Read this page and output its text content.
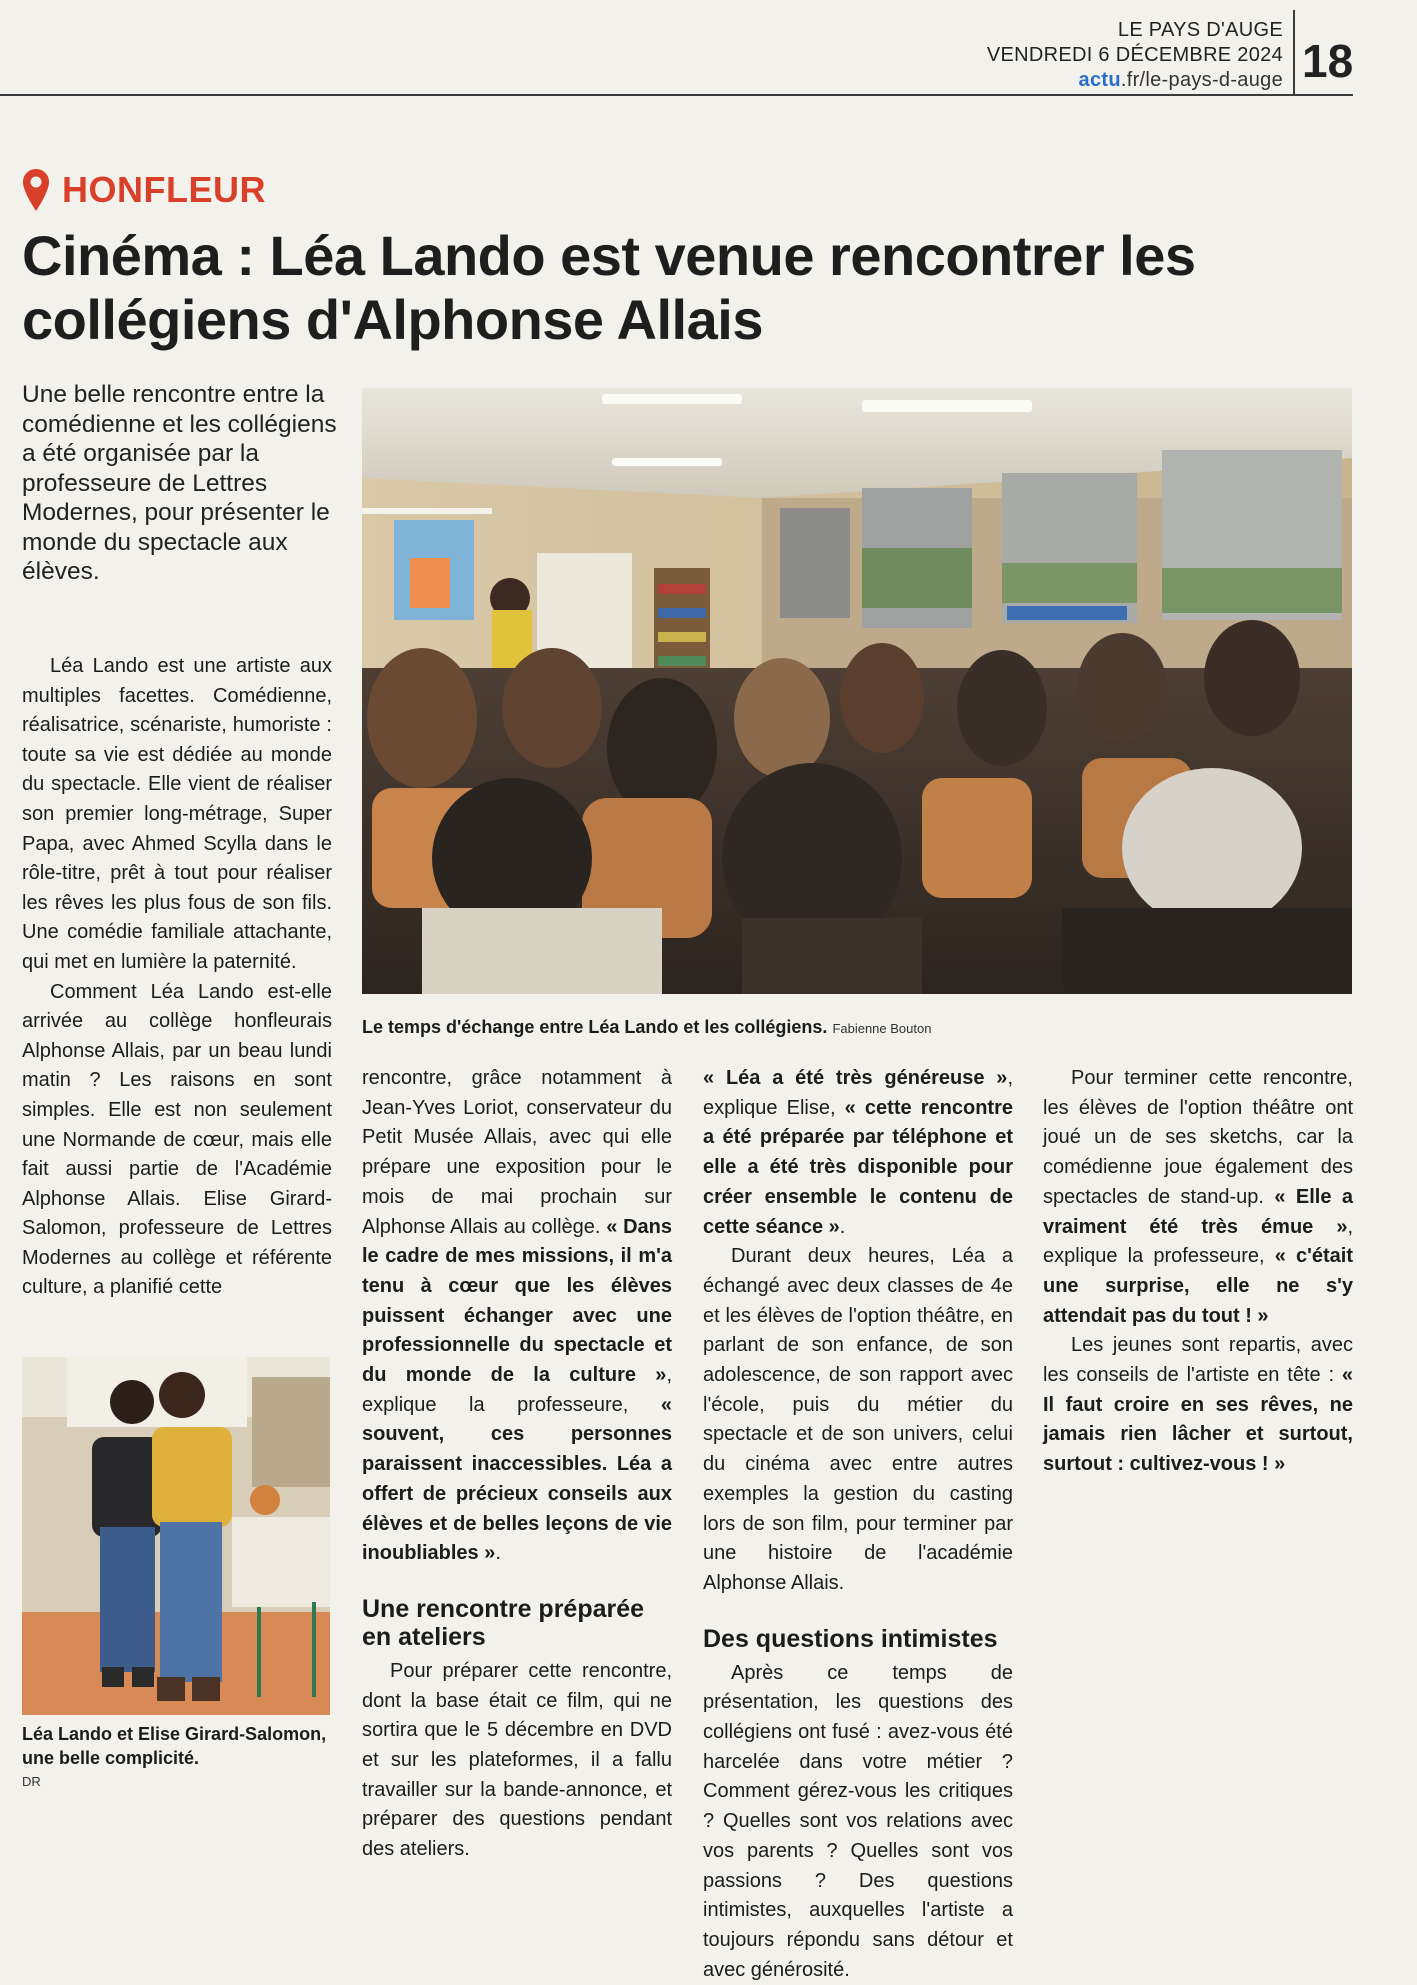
LE PAYS D'AUGE
VENDREDI 6 DÉCEMBRE 2024
actu.fr/le-pays-d-auge 18
HONFLEUR
Cinéma : Léa Lando est venue rencontrer les collégiens d'Alphonse Allais

Une belle rencontre entre la comédienne et les collégiens a été organisée par la professeure de Lettres Modernes, pour présenter le monde du spectacle aux élèves.

Le temps d'échange entre Léa Lando et les collégiens. Fabienne Bouton

Léa Lando est une artiste aux multiples facettes. Comédienne, réalisatrice, scénariste, humoriste : toute sa vie est dédiée au monde du spectacle. Elle vient de réaliser son premier long-métrage, Super Papa, avec Ahmed Scylla dans le rôle-titre, prêt à tout pour réaliser les rêves les plus fous de son fils. Une comédie familiale attachante, qui met en lumière la paternité.

Comment Léa Lando est-elle arrivée au collège honfleurais Alphonse Allais, par un beau lundi matin ? Les raisons en sont simples. Elle est non seulement une Normande de cœur, mais elle fait aussi partie de l'Académie Alphonse Allais. Elise Girard-Salomon, professeure de Lettres Modernes au collège et référente culture, a planifié cette

Léa Lando et Elise Girard-Salomon, une belle complicité.
DR

rencontre, grâce notamment à Jean-Yves Loriot, conservateur du Petit Musée Allais, avec qui elle prépare une exposition pour le mois de mai prochain sur Alphonse Allais au collège. « Dans le cadre de mes missions, il m'a tenu à cœur que les élèves puissent échanger avec une professionnelle du spectacle et du monde de la culture », explique la professeure, « souvent, ces personnes paraissent inaccessibles. Léa a offert de précieux conseils aux élèves et de belles leçons de vie inoubliables ».

Une rencontre préparée en ateliers

Pour préparer cette rencontre, dont la base était ce film, qui ne sortira que le 5 décembre en DVD et sur les plateformes, il a fallu travailler sur la bande-annonce, et préparer des questions pendant des ateliers.

« Léa a été très généreuse », explique Elise, « cette rencontre a été préparée par téléphone et elle a été très disponible pour créer ensemble le contenu de cette séance ».

Durant deux heures, Léa a échangé avec deux classes de 4e et les élèves de l'option théâtre, en parlant de son enfance, de son adolescence, de son rapport avec l'école, puis du métier du spectacle et de son univers, celui du cinéma avec entre autres exemples la gestion du casting lors de son film, pour terminer par une histoire de l'académie Alphonse Allais.

Des questions intimistes

Après ce temps de présentation, les questions des collégiens ont fusé : avez-vous été harcelée dans votre métier ? Comment gérez-vous les critiques ? Quelles sont vos relations avec vos parents ? Quelles sont vos passions ? Des questions intimistes, auxquelles l'artiste a toujours répondu sans détour et avec générosité.

Pour terminer cette rencontre, les élèves de l'option théâtre ont joué un de ses sketchs, car la comédienne joue également des spectacles de stand-up. « Elle a vraiment été très émue », explique la professeure, « c'était une surprise, elle ne s'y attendait pas du tout ! »

Les jeunes sont repartis, avec les conseils de l'artiste en tête : « Il faut croire en ses rêves, ne jamais rien lâcher et surtout, surtout : cultivez-vous ! »
